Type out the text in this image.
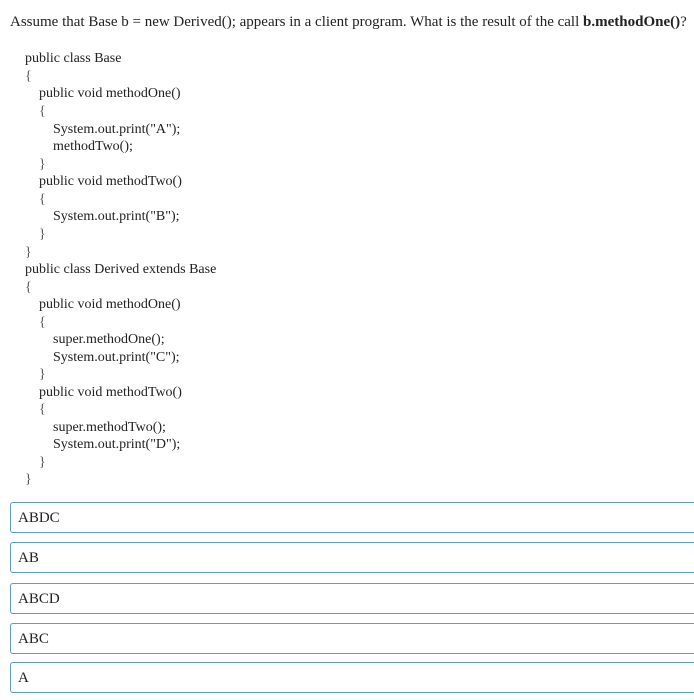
Assume that Base b = new Derived(); appears in a client program. What is the result of the call b.methodOne()?
public class Base
{
public void methodOne()
{
System.out.print("A");
methodTwo();
}
public void methodTwo()
{
System.out.print("B");
}
}
public class Derived extends Base
{
public void methodOne()
{
super.methodOne();
System.out.print("C");
}
public void methodTwo()
{
super.methodTwo();
System.out.print("D");
}
}
ABDC
AB
ABCD
ABC
A
